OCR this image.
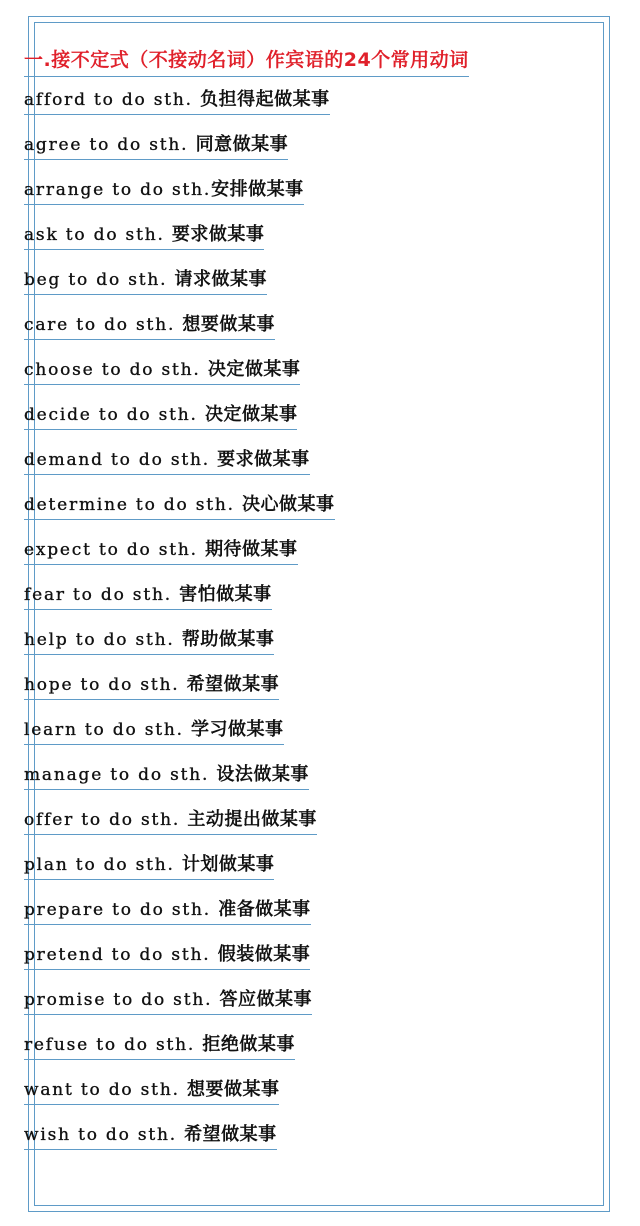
一.接不定式（不接动名词）作宾语的24个常用动词
afford to do sth. 负担得起做某事
agree to do sth. 同意做某事
arrange to do sth.安排做某事
ask to do sth. 要求做某事
beg to do sth. 请求做某事
care to do sth. 想要做某事
choose to do sth. 决定做某事
decide to do sth. 决定做某事
demand to do sth. 要求做某事
determine to do sth. 决心做某事
expect to do sth. 期待做某事
fear to do sth. 害怕做某事
help to do sth. 帮助做某事
hope to do sth. 希望做某事
learn to do sth. 学习做某事
manage to do sth. 设法做某事
offer to do sth. 主动提出做某事
plan to do sth. 计划做某事
prepare to do sth. 准备做某事
pretend to do sth. 假装做某事
promise to do sth. 答应做某事
refuse to do sth. 拒绝做某事
want to do sth. 想要做某事
wish to do sth. 希望做某事
